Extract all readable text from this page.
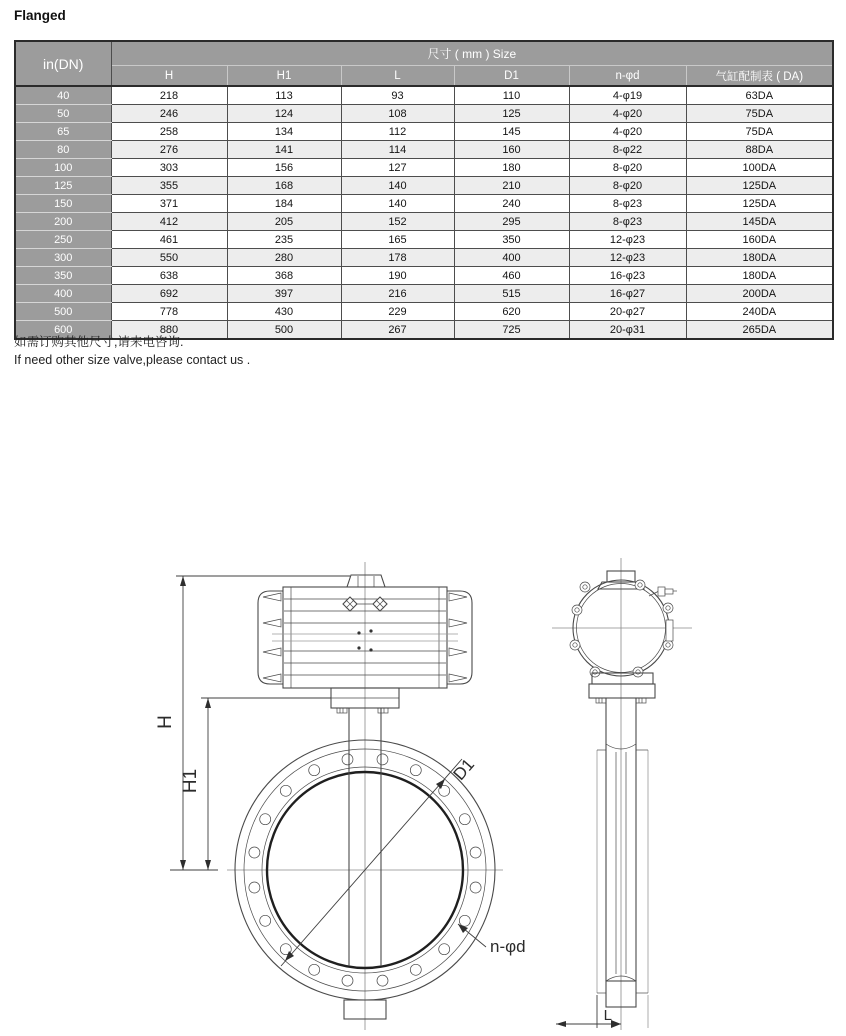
Flanged
in(DN)	尺寸 ( mm ) Size					
	H	H1	L	D1	n-φd	气缸配制表 ( DA)
40	218	113	93	110	4-φ19	63DA
50	246	124	108	125	4-φ20	75DA
65	258	134	112	145	4-φ20	75DA
80	276	141	114	160	8-φ22	88DA
100	303	156	127	180	8-φ20	100DA
125	355	168	140	210	8-φ20	125DA
150	371	184	140	240	8-φ23	125DA
200	412	205	152	295	8-φ23	145DA
250	461	235	165	350	12-φ23	160DA
300	550	280	178	400	12-φ23	180DA
350	638	368	190	460	16-φ23	180DA
400	692	397	216	515	16-φ27	200DA
500	778	430	229	620	20-φ27	240DA
600	880	500	267	725	20-φ31	265DA
如需订购其他尺寸,请来电咨询.
If need other size valve,please contact us .
H
H1	D1
n-φd
L
